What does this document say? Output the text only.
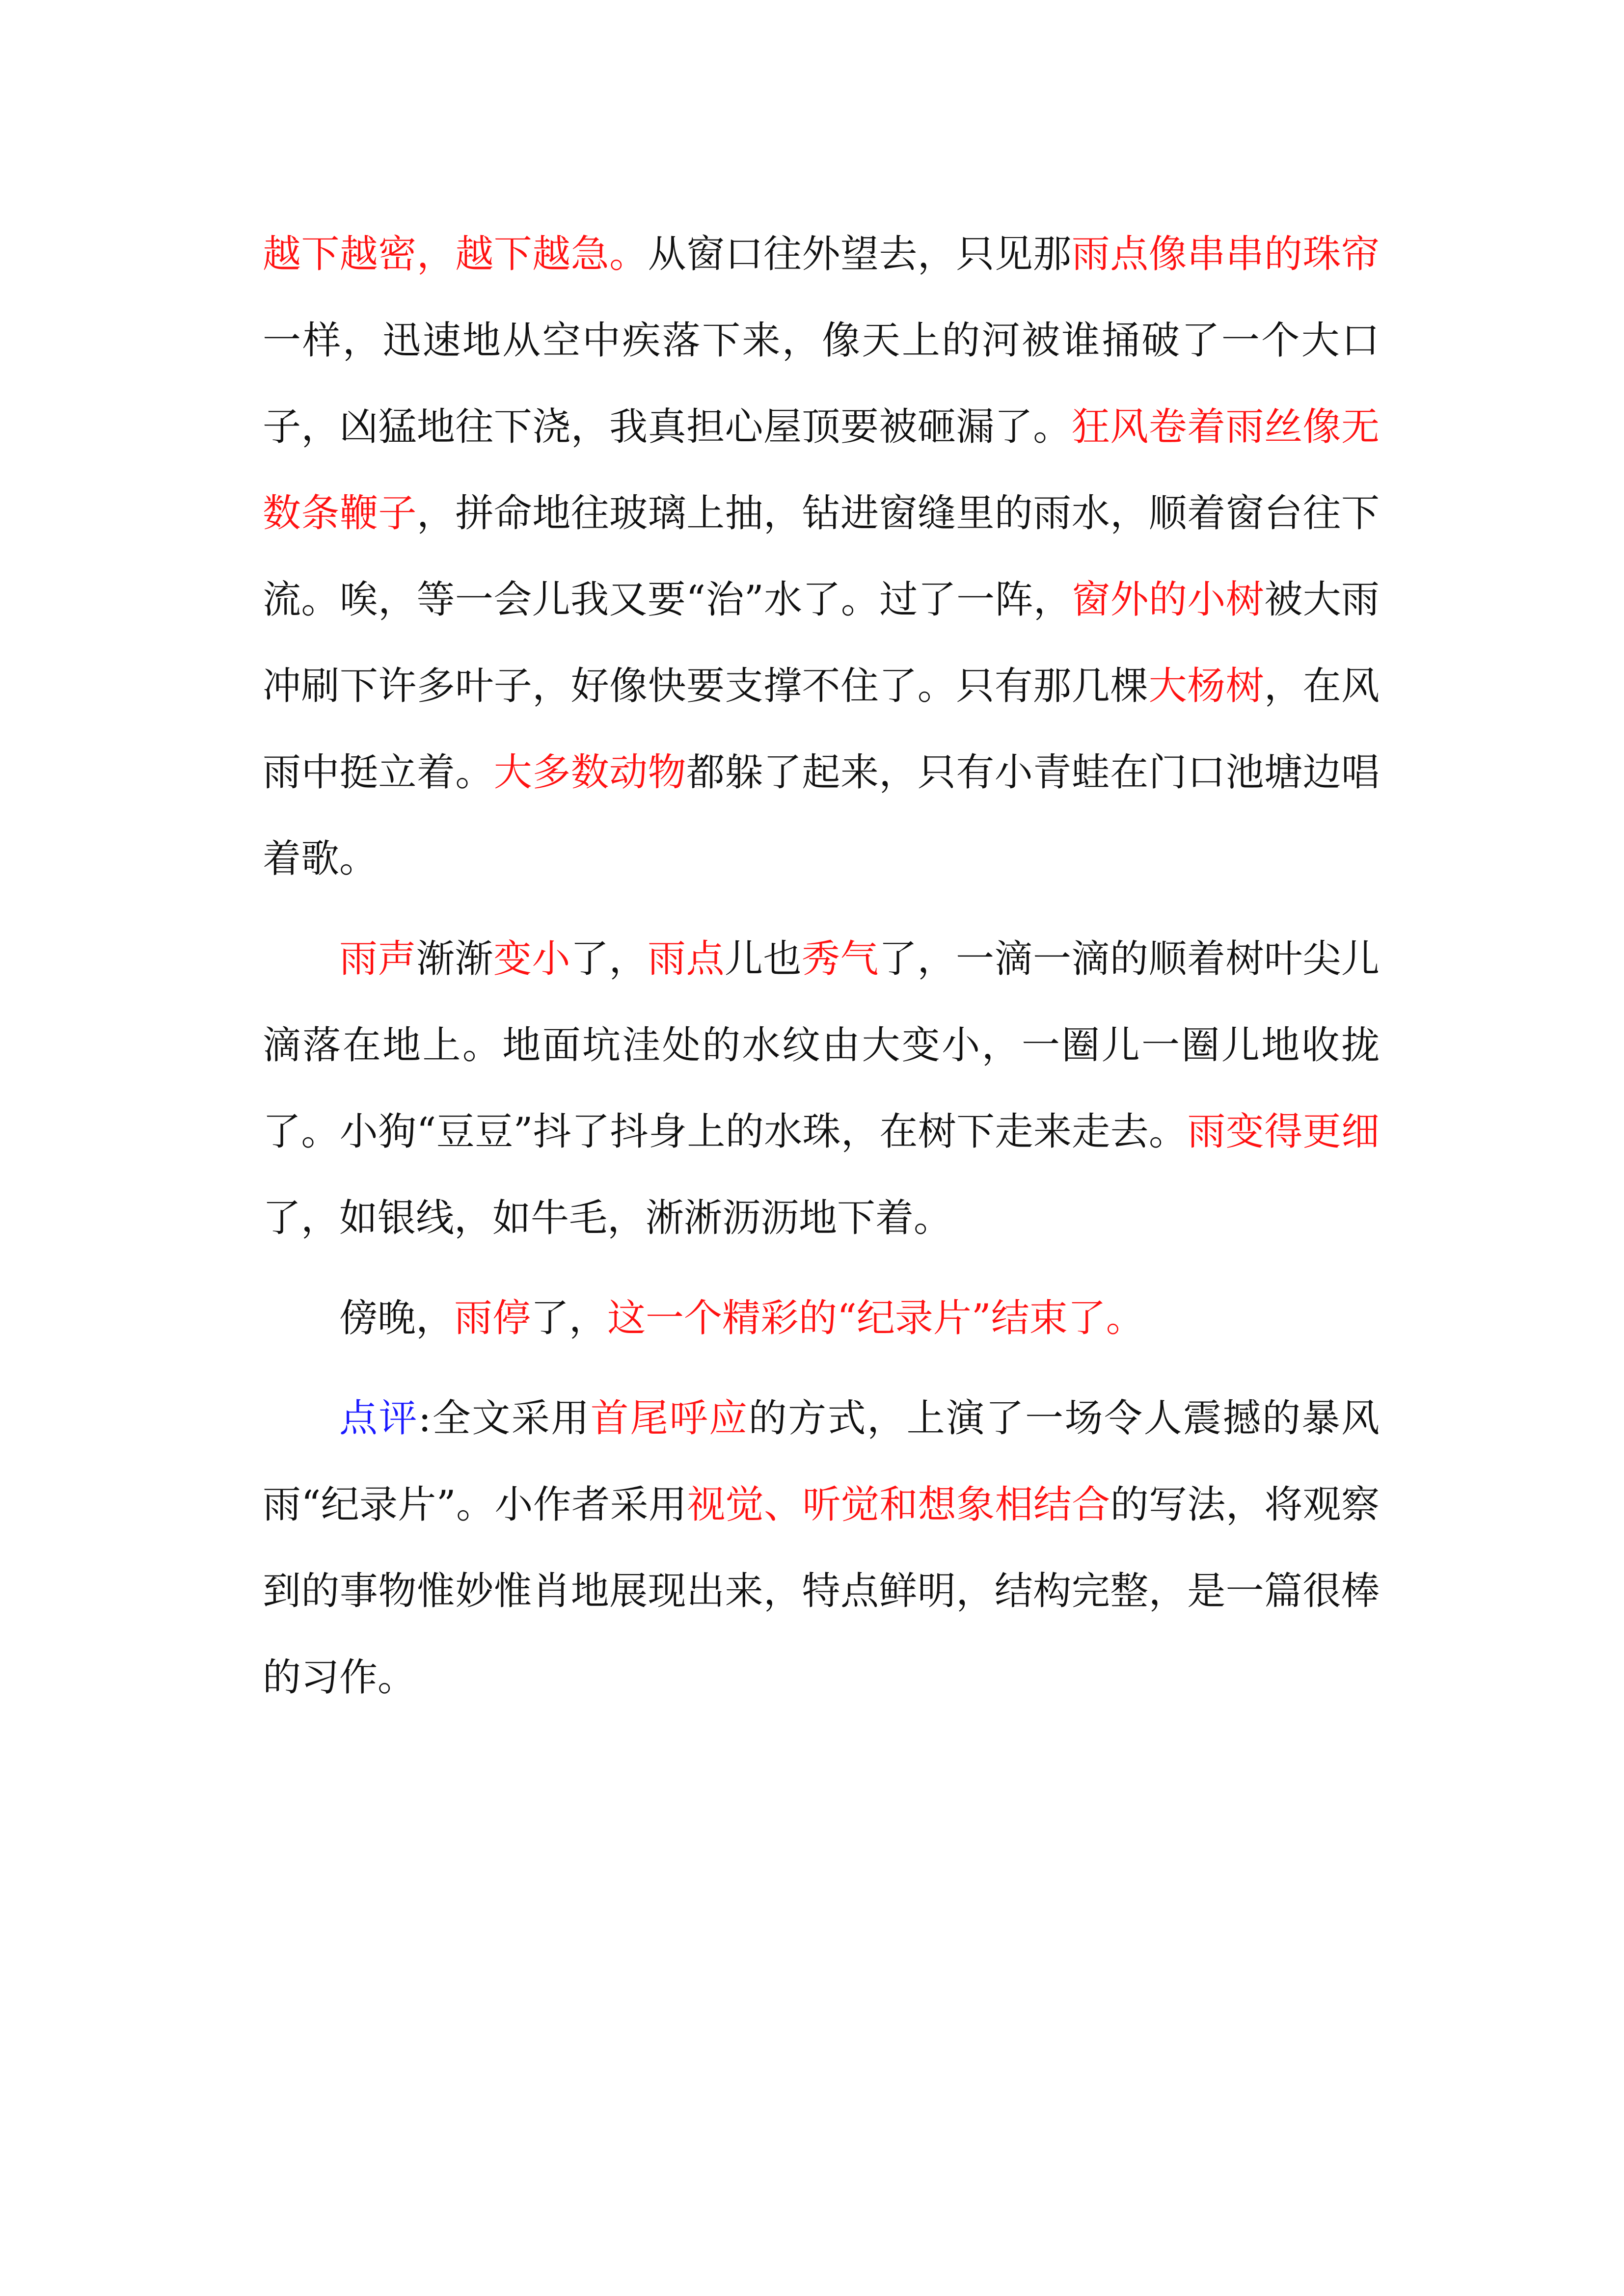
越下越密，越下越急。从窗口往外望去，只见那雨点像串串的珠帘一样，迅速地从空中疾落下来，像天上的河被谁捅破了一个大口子，凶猛地往下浇，我真担心屋顶要被砸漏了。狂风卷着雨丝像无数条鞭子，拼命地往玻璃上抽，钻进窗缝里的雨水，顺着窗台往下流。唉，等一会儿我又要“治”水了。过了一阵，窗外的小树被大雨冲刷下许多叶子，好像快要支撑不住了。只有那几棵大杨树，在风雨中挺立着。大多数动物都躲了起来，只有小青蛙在门口池塘边唱着歌。

雨声渐渐变小了，雨点儿也秀气了，一滴一滴的顺着树叶尖儿滴落在地上。地面坑洼处的水纹由大变小，一圈儿一圈儿地收拢了。小狗“豆豆”抖了抖身上的水珠，在树下走来走去。雨变得更细了，如银线，如牛毛，淅淅沥沥地下着。

傍晚，雨停了，这一个精彩的“纪录片”结束了。

点评:全文采用首尾呼应的方式，上演了一场令人震撼的暴风雨“纪录片”。小作者采用视觉、听觉和想象相结合的写法，将观察到的事物惟妙惟肖地展现出来，特点鲜明，结构完整，是一篇很棒的习作。
